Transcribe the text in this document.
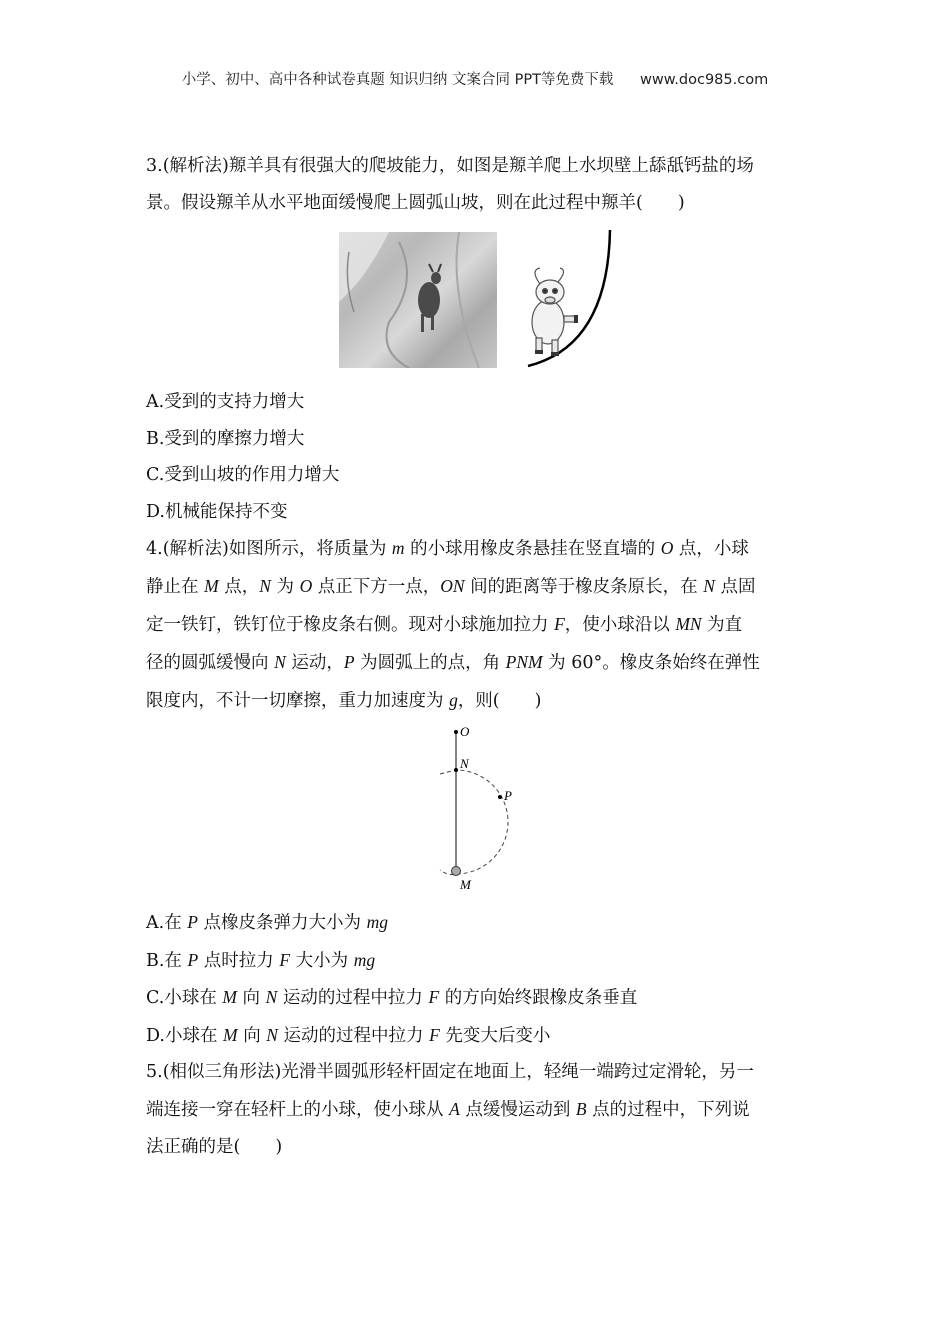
小学、初中、高中各种试卷真题 知识归纳 文案合同 PPT等免费下载 www.doc985.com

3.(解析法)羱羊具有很强大的爬坡能力，如图是羱羊爬上水坝壁上舔舐钙盐的场

景。假设羱羊从水平地面缓慢爬上圆弧山坡，则在此过程中羱羊(　　)

A.受到的支持力增大

B.受到的摩擦力增大

C.受到山坡的作用力增大

D.机械能保持不变

4.(解析法)如图所示，将质量为 m 的小球用橡皮条悬挂在竖直墙的 O 点，小球

静止在 M 点，N 为 O 点正下方一点，ON 间的距离等于橡皮条原长，在 N 点固

定一铁钉，铁钉位于橡皮条右侧。现对小球施加拉力 F，使小球沿以 MN 为直

径的圆弧缓慢向 N 运动，P 为圆弧上的点，角 PNM 为 60°。橡皮条始终在弹性

限度内，不计一切摩擦，重力加速度为 g，则(　　)

O
N
P
M

A.在 P 点橡皮条弹力大小为 mg

B.在 P 点时拉力 F 大小为 mg

C.小球在 M 向 N 运动的过程中拉力 F 的方向始终跟橡皮条垂直

D.小球在 M 向 N 运动的过程中拉力 F 先变大后变小

5.(相似三角形法)光滑半圆弧形轻杆固定在地面上，轻绳一端跨过定滑轮，另一

端连接一穿在轻杆上的小球，使小球从 A 点缓慢运动到 B 点的过程中，下列说

法正确的是(　　)
